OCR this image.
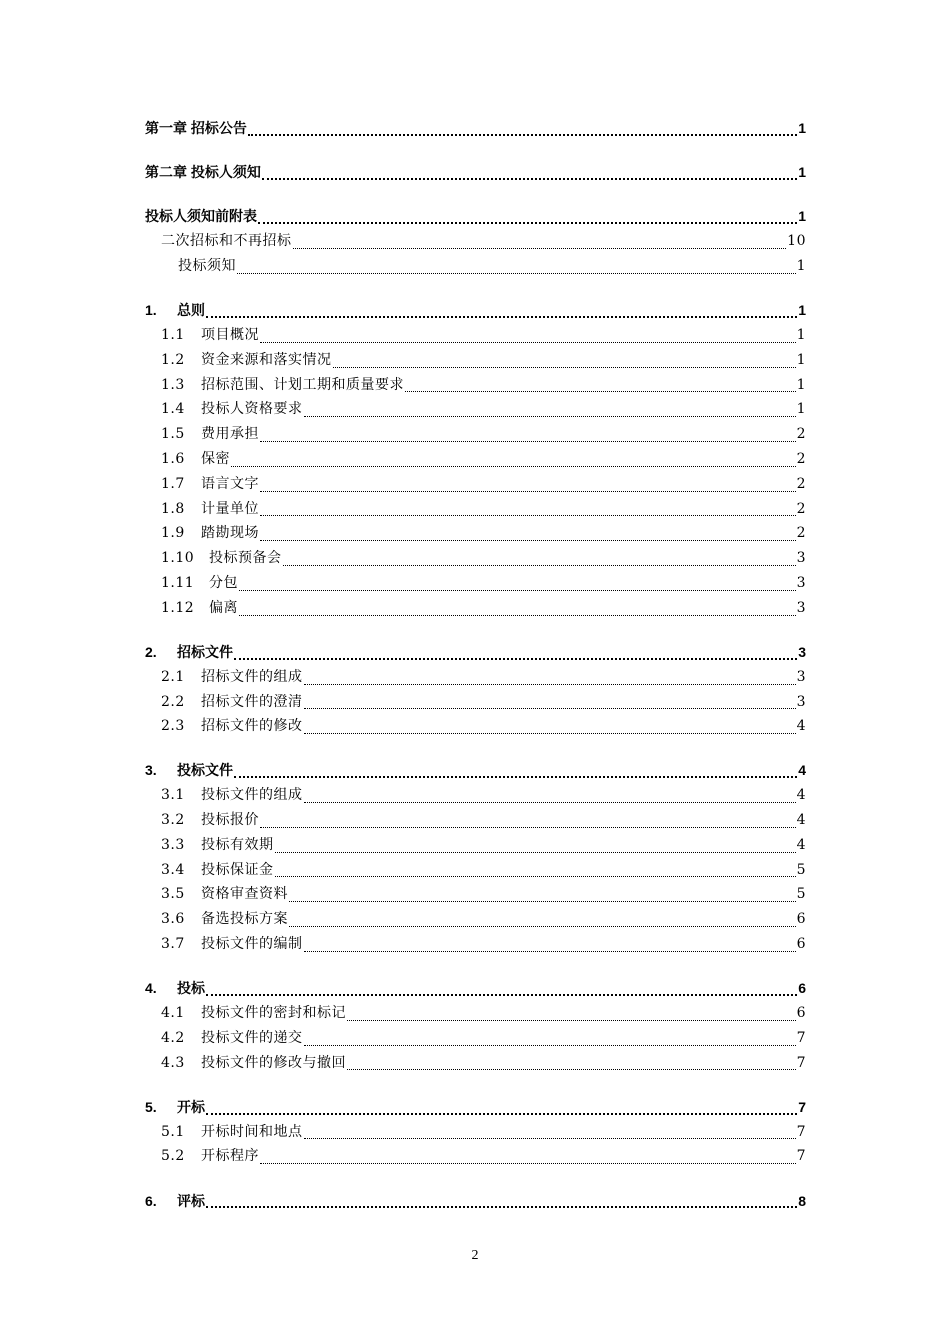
第一章 招标公告	1
第二章 投标人须知	1
投标人须知前附表	1
二次招标和不再招标	10
投标须知	1
1. 总则	1
1.1 项目概况	1
1.2 资金来源和落实情况	1
1.3 招标范围、计划工期和质量要求	1
1.4 投标人资格要求	1
1.5 费用承担	2
1.6 保密	2
1.7 语言文字	2
1.8 计量单位	2
1.9 踏勘现场	2
1.10 投标预备会	3
1.11 分包	3
1.12 偏离	3
2. 招标文件	3
2.1 招标文件的组成	3
2.2 招标文件的澄清	3
2.3 招标文件的修改	4
3. 投标文件	4
3.1 投标文件的组成	4
3.2 投标报价	4
3.3 投标有效期	4
3.4 投标保证金	5
3.5 资格审查资料	5
3.6 备选投标方案	6
3.7 投标文件的编制	6
4. 投标	6
4.1 投标文件的密封和标记	6
4.2 投标文件的递交	7
4.3 投标文件的修改与撤回	7
5. 开标	7
5.1 开标时间和地点	7
5.2 开标程序	7
6. 评标	8
2
